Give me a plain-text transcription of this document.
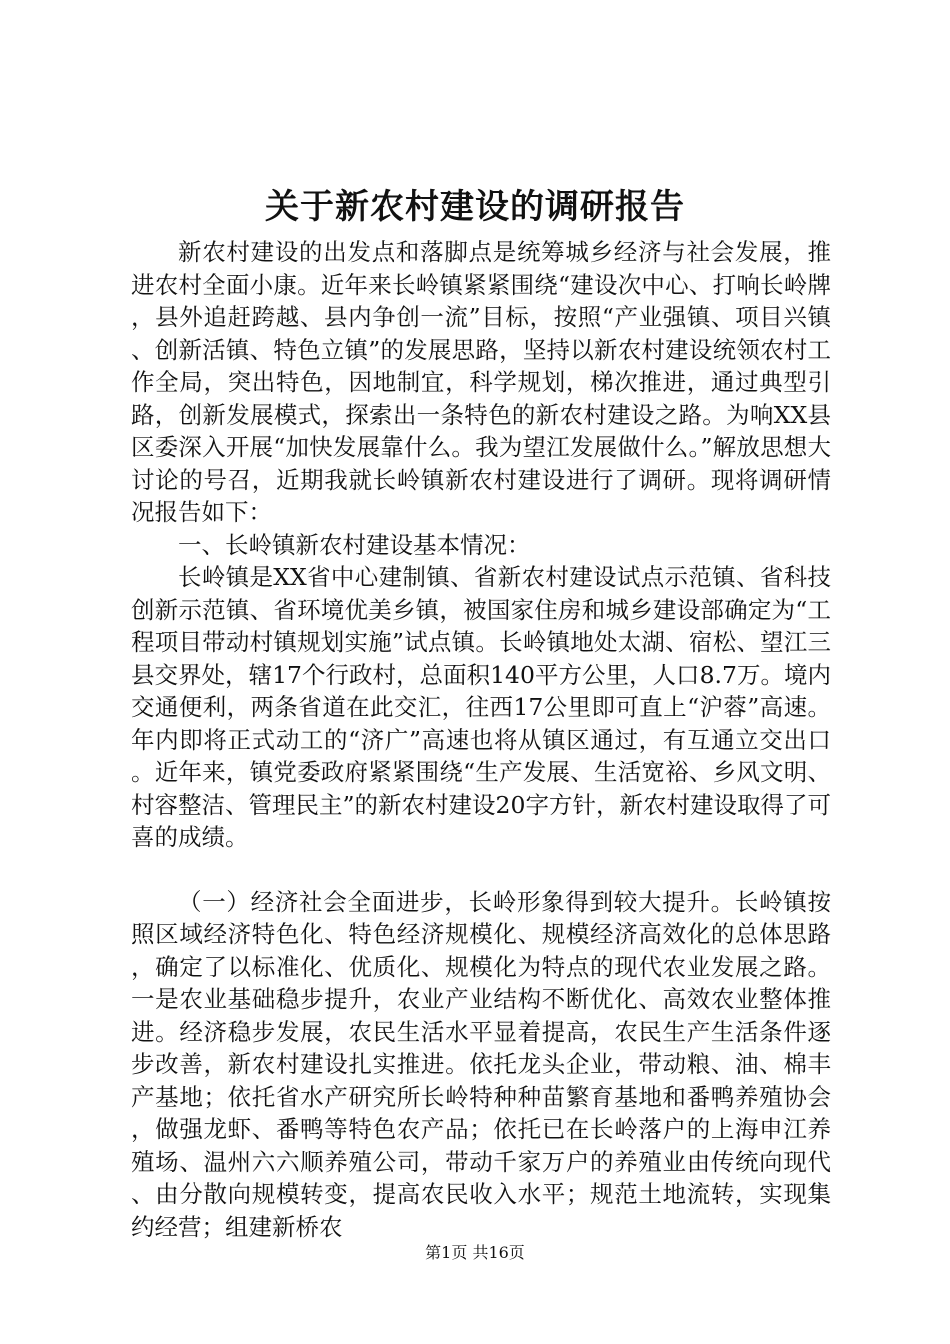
关于新农村建设的调研报告

新农村建设的出发点和落脚点是统筹城乡经济与社会发展，推进农村全面小康。近年来长岭镇紧紧围绕“建设次中心、打响长岭牌，县外追赶跨越、县内争创一流”目标，按照“产业强镇、项目兴镇、创新活镇、特色立镇”的发展思路，坚持以新农村建设统领农村工作全局，突出特色，因地制宜，科学规划，梯次推进，通过典型引路，创新发展模式，探索出一条特色的新农村建设之路。为响XX县区委深入开展“加快发展靠什么。我为望江发展做什么。”解放思想大讨论的号召，近期我就长岭镇新农村建设进行了调研。现将调研情况报告如下：

一、长岭镇新农村建设基本情况：

长岭镇是XX省中心建制镇、省新农村建设试点示范镇、省科技创新示范镇、省环境优美乡镇，被国家住房和城乡建设部确定为“工程项目带动村镇规划实施”试点镇。长岭镇地处太湖、宿松、望江三县交界处，辖17个行政村，总面积140平方公里，人口8.7万。境内交通便利，两条省道在此交汇，往西17公里即可直上“沪蓉”高速。年内即将正式动工的“济广”高速也将从镇区通过，有互通立交出口。近年来，镇党委政府紧紧围绕“生产发展、生活宽裕、乡风文明、村容整洁、管理民主”的新农村建设20字方针，新农村建设取得了可喜的成绩。

（一）经济社会全面进步，长岭形象得到较大提升。长岭镇按照区域经济特色化、特色经济规模化、规模经济高效化的总体思路，确定了以标准化、优质化、规模化为特点的现代农业发展之路。一是农业基础稳步提升，农业产业结构不断优化、高效农业整体推进。经济稳步发展，农民生活水平显着提高，农民生产生活条件逐步改善，新农村建设扎实推进。依托龙头企业，带动粮、油、棉丰产基地；依托省水产研究所长岭特种种苗繁育基地和番鸭养殖协会，做强龙虾、番鸭等特色农产品；依托已在长岭落户的上海申江养殖场、温州六六顺养殖公司，带动千家万户的养殖业由传统向现代、由分散向规模转变，提高农民收入水平；规范土地流转，实现集约经营；组建新桥农

第1页 共16页
